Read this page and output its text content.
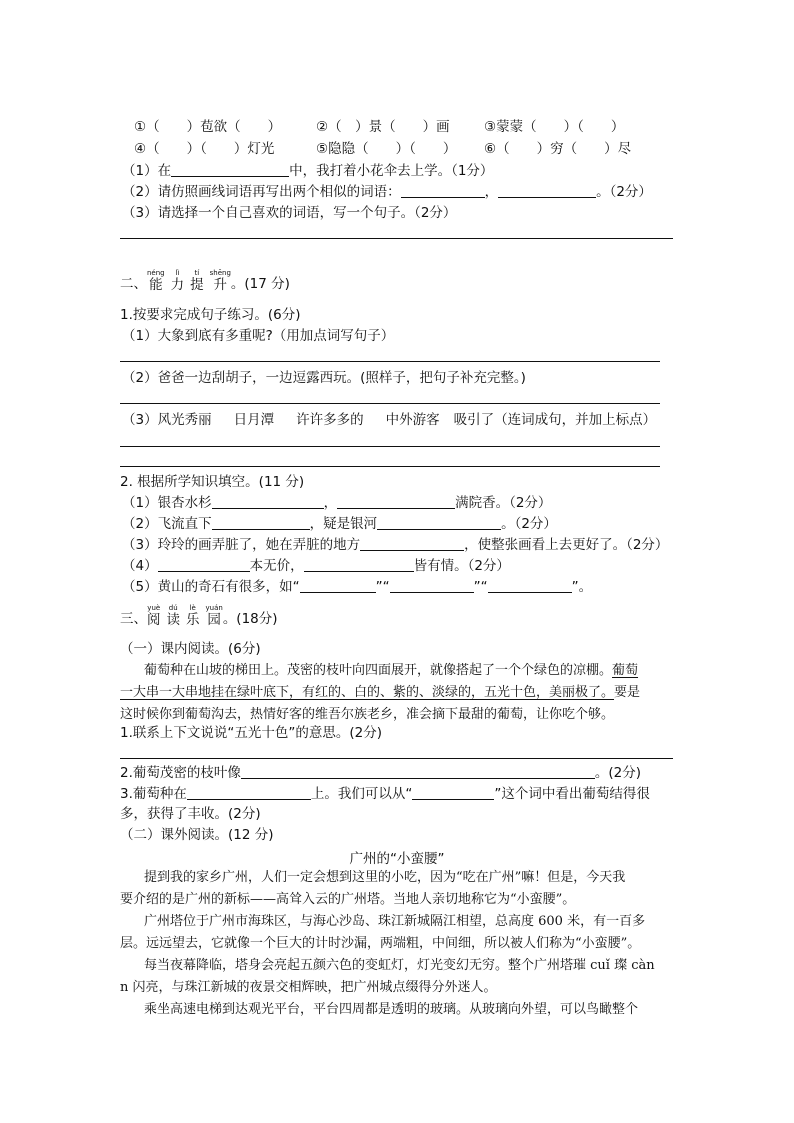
①（　　）苞欲（　　）	②（　）景（　　）画	③蒙蒙（　　）（　　）
④（　　）（　　）灯光	⑤隐隐（　　）（　　） ⑥（　　）穷（　　）尽
（1）在	中，我打着小花伞去上学。（1分）
（2）请仿照画线词语再写出两个相似的词语：	，	。（2分）
（3）请选择一个自己喜欢的词语，写一个句子。（2分）
二、
néng
能
lì
力
tí
提
shēng
升 。(17 分)
1.按要求完成句子练习。(6分)
（1）大象到底有多重呢?（用加点词写句子）
（2）爸爸一边刮胡子，一边逗露西玩。(照样子，把句子补充完整。)
（3）风光秀丽 日月潭 许许多多的 中外游客 吸引了（连词成句，并加上标点）
2. 根据所学知识填空。(11 分)
（1）银杏水杉	，	满院香。（2分）
（2）飞流直下	，疑是银河	。（2分）
（3）玲玲的画弄脏了，她在弄脏的地方	，使整张画看上去更好了。（2分）
（4）	本无价，	皆有情。（2分）
（5）黄山的奇石有很多，如“	”“	”“	”。
三、
yuè
阅
dú
读
lè
乐
yuán
园 。(18分)
（一）课内阅读。(6分)
葡萄种在山坡的梯田上。茂密的枝叶向四面展开，就像搭起了一个个绿色的凉棚。葡萄
一大串一大串地挂在绿叶底下，有红的、白的、紫的、淡绿的，五光十色，美丽极了。要是
这时候你到葡萄沟去，热情好客的维吾尔族老乡，准会摘下最甜的葡萄，让你吃个够。
1.联系上下文说说“五光十色”的意思。(2分)
2.葡萄茂密的枝叶像	。(2分)
3.葡萄种在	上。我们可以从“	”这个词中看出葡萄结得很
多，获得了丰收。(2分)
（二）课外阅读。(12 分)
广州的“小蛮腰”
提到我的家乡广州，人们一定会想到这里的小吃，因为“吃在广州”嘛！但是，今天我
要介绍的是广州的新标——高耸入云的广州塔。当地人亲切地称它为“小蛮腰”。
广州塔位于广州市海珠区，与海心沙岛、珠江新城隔江相望，总高度 600 米，有一百多
层。远远望去，它就像一个巨大的计时沙漏，两端粗，中间细，所以被人们称为“小蛮腰”。
每当夜幕降临，塔身会亮起五颜六色的变虹灯，灯光变幻无穷。整个广州塔璀 cuǐ 璨 càn
n 闪亮，与珠江新城的夜景交相辉映，把广州城点缀得分外迷人。
乘坐高速电梯到达观光平台，平台四周都是透明的玻璃。从玻璃向外望，可以鸟瞰整个
